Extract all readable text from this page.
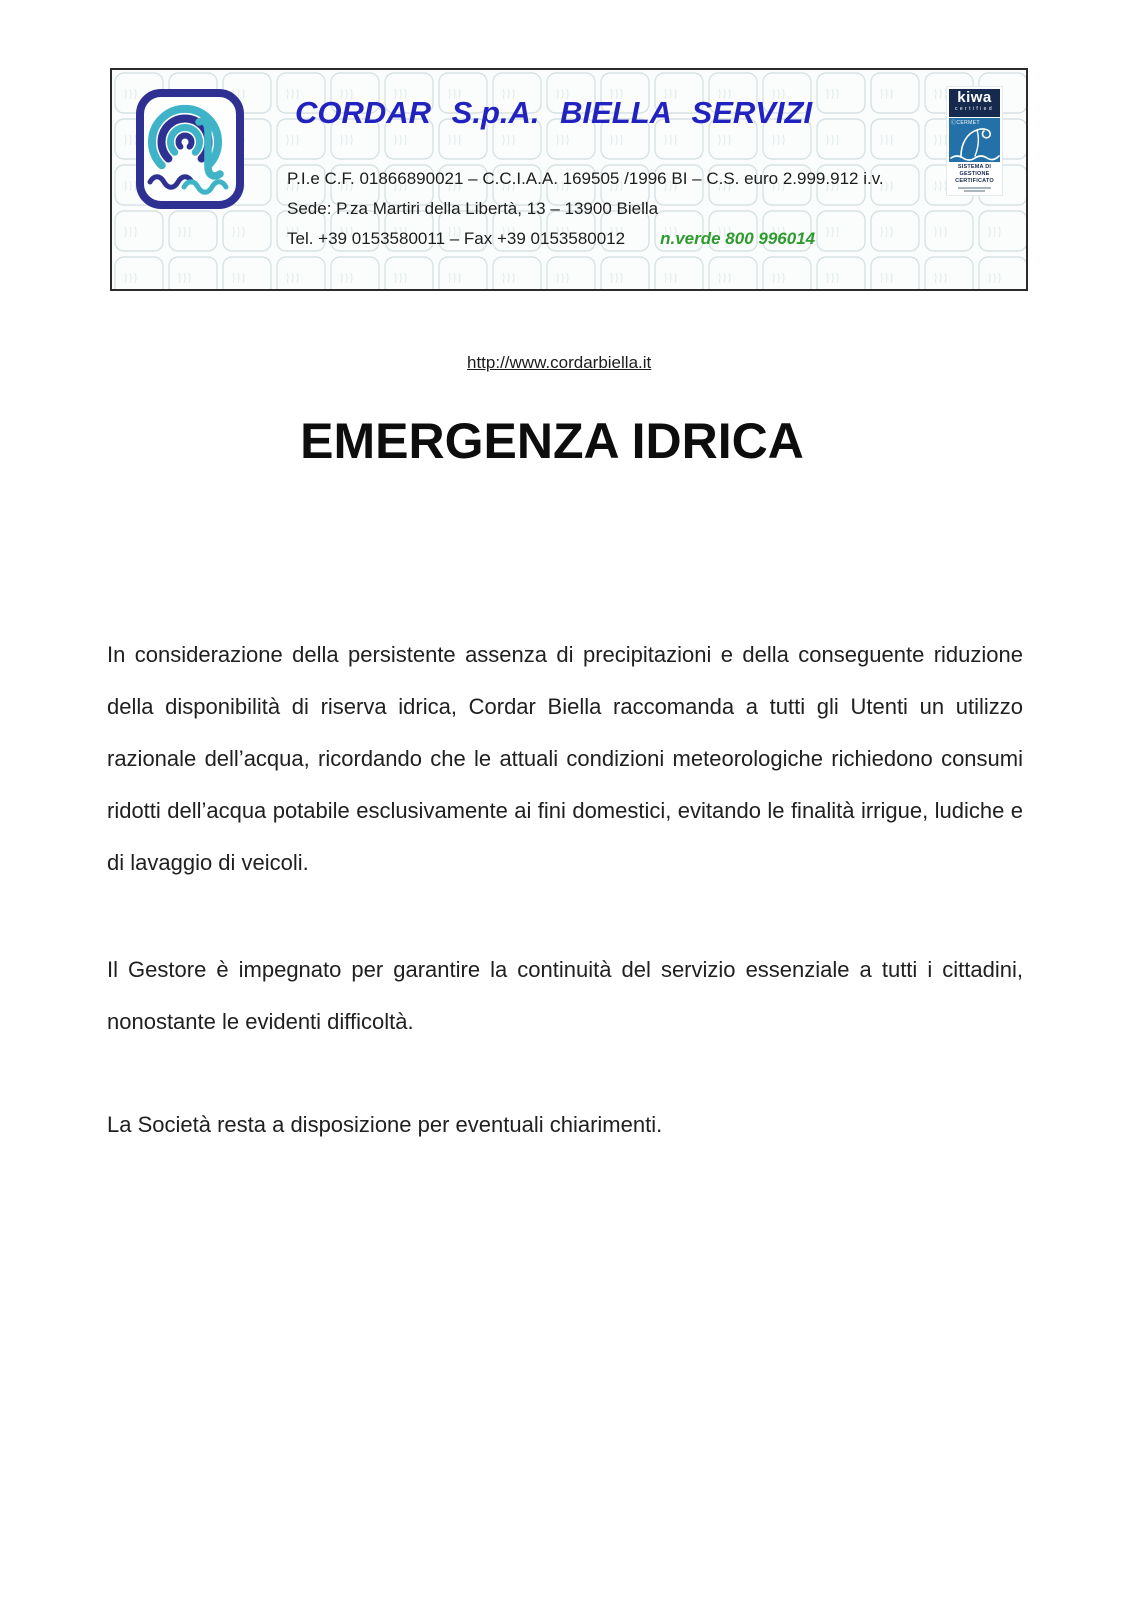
CORDAR S.p.A. BIELLA SERVIZI
P.I.e C.F. 01866890021 – C.C.I.A.A. 169505 /1996 BI – C.S. euro 2.999.912 i.v.
Sede: P.za Martiri della Libertà, 13 – 13900 Biella
Tel. +39 0153580011 – Fax +39 0153580012 n.verde 800 996014
http://www.cordarbiella.it
kiwa
certified
ⒸCERMET
SISTEMA DI GESTIONE
CERTIFICATO
EMERGENZA IDRICA

In considerazione della persistente assenza di precipitazioni e della conseguente riduzione della disponibilità di riserva idrica, Cordar Biella raccomanda a tutti gli Utenti un utilizzo razionale dell’acqua, ricordando che le attuali condizioni meteorologiche richiedono consumi ridotti dell’acqua potabile esclusivamente ai fini domestici, evitando le finalità irrigue, ludiche e di lavaggio di veicoli.

Il Gestore è impegnato per garantire la continuità del servizio essenziale a tutti i cittadini, nonostante le evidenti difficoltà.

La Società resta a disposizione per eventuali chiarimenti.
